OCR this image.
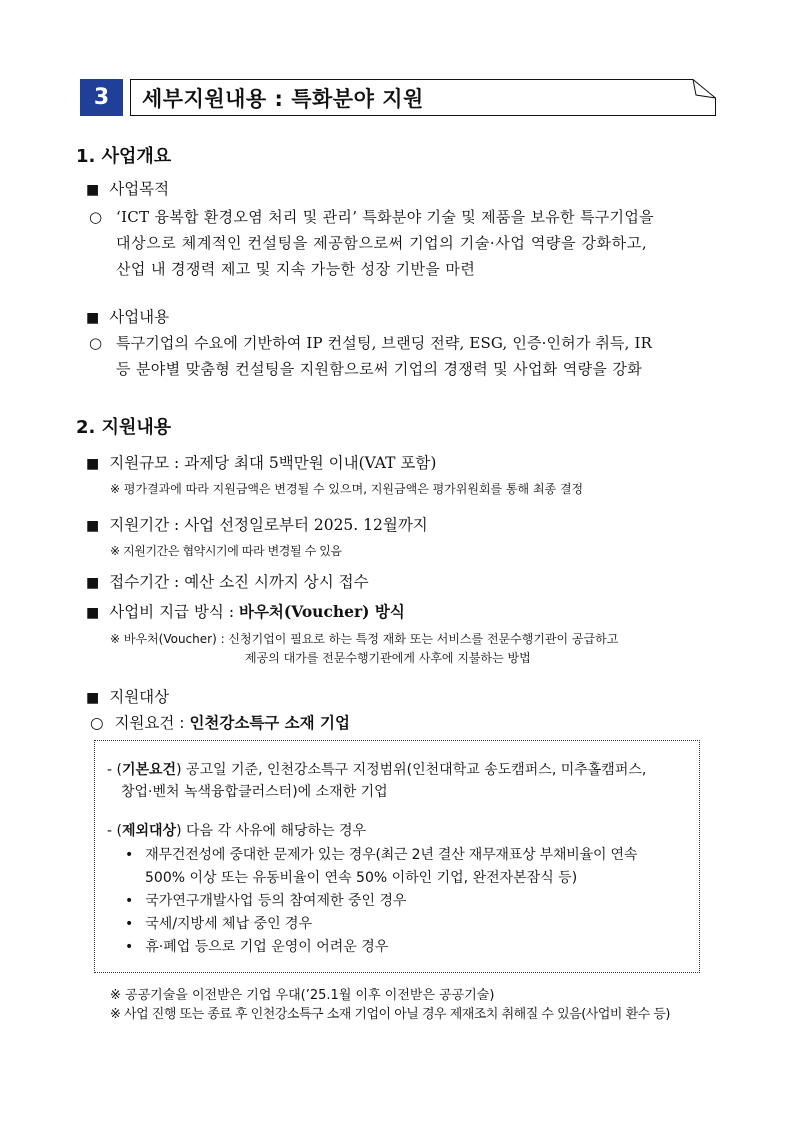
3	세부지원내용 : 특화분야 지원
1. 사업개요
■ 사업목적
○ ‘ICT 융복합 환경오염 처리 및 관리’ 특화분야 기술 및 제품을 보유한 특구기업을
대상으로 체계적인 컨설팅을 제공함으로써 기업의 기술·사업 역량을 강화하고,
산업 내 경쟁력 제고 및 지속 가능한 성장 기반을 마련
■ 사업내용
○ 특구기업의 수요에 기반하여 IP 컨설팅, 브랜딩 전략, ESG, 인증·인허가 취득, IR
등 분야별 맞춤형 컨설팅을 지원함으로써 기업의 경쟁력 및 사업화 역량을 강화
2. 지원내용
■ 지원규모 : 과제당 최대 5백만원 이내(VAT 포함)
※ 평가결과에 따라 지원금액은 변경될 수 있으며, 지원금액은 평가위원회를 통해 최종 결정
■ 지원기간 : 사업 선정일로부터 2025. 12월까지
※ 지원기간은 협약시기에 따라 변경될 수 있음
■ 접수기간 : 예산 소진 시까지 상시 접수
■ 사업비 지급 방식 : 바우처(Voucher) 방식
※ 바우처(Voucher) : 신청기업이 필요로 하는 특정 재화 또는 서비스를 전문수행기관이 공급하고
제공의 대가를 전문수행기관에게 사후에 지불하는 방법
■ 지원대상
○ 지원요건 : 인천강소특구 소재 기업
- (기본요건) 공고일 기준, 인천강소특구 지정범위(인천대학교 송도캠퍼스, 미추홀캠퍼스,
창업·벤처 녹색융합클러스터)에 소재한 기업
- (제외대상) 다음 각 사유에 해당하는 경우
• 재무건전성에 중대한 문제가 있는 경우(최근 2년 결산 재무재표상 부채비율이 연속
500% 이상 또는 유동비율이 연속 50% 이하인 기업, 완전자본잠식 등)
• 국가연구개발사업 등의 참여제한 중인 경우
• 국세/지방세 체납 중인 경우
• 휴·폐업 등으로 기업 운영이 어려운 경우
※ 공공기술을 이전받은 기업 우대(’25.1월 이후 이전받은 공공기술)
※ 사업 진행 또는 종료 후 인천강소특구 소재 기업이 아닐 경우 제재조치 취해질 수 있음(사업비 환수 등)
